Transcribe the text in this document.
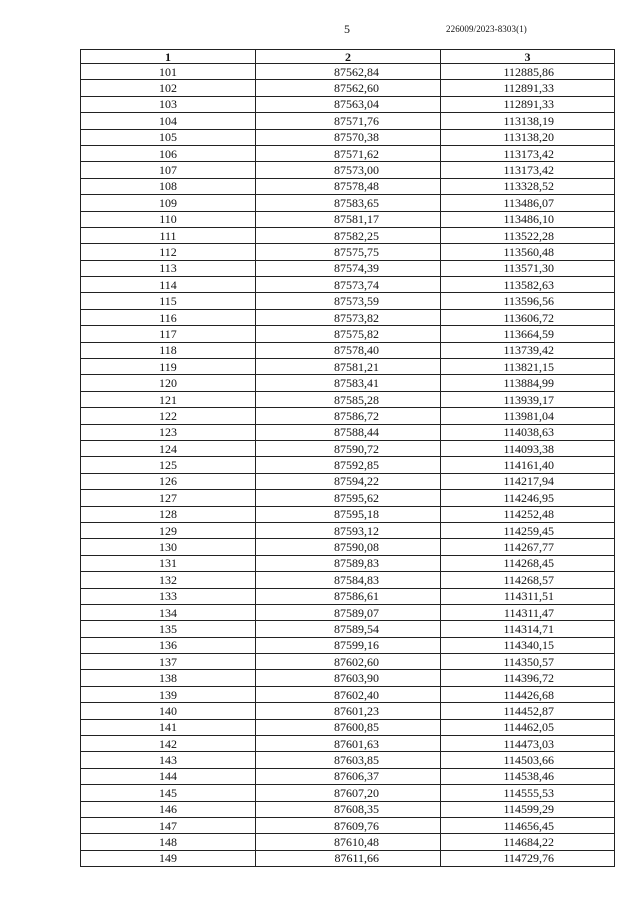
5	226009/2023-8303(1)
1	2	3
101	87562,84	112885,86
102	87562,60	112891,33
103	87563,04	112891,33
104	87571,76	113138,19
105	87570,38	113138,20
106	87571,62	113173,42
107	87573,00	113173,42
108	87578,48	113328,52
109	87583,65	113486,07
110	87581,17	113486,10
111	87582,25	113522,28
112	87575,75	113560,48
113	87574,39	113571,30
114	87573,74	113582,63
115	87573,59	113596,56
116	87573,82	113606,72
117	87575,82	113664,59
118	87578,40	113739,42
119	87581,21	113821,15
120	87583,41	113884,99
121	87585,28	113939,17
122	87586,72	113981,04
123	87588,44	114038,63
124	87590,72	114093,38
125	87592,85	114161,40
126	87594,22	114217,94
127	87595,62	114246,95
128	87595,18	114252,48
129	87593,12	114259,45
130	87590,08	114267,77
131	87589,83	114268,45
132	87584,83	114268,57
133	87586,61	114311,51
134	87589,07	114311,47
135	87589,54	114314,71
136	87599,16	114340,15
137	87602,60	114350,57
138	87603,90	114396,72
139	87602,40	114426,68
140	87601,23	114452,87
141	87600,85	114462,05
142	87601,63	114473,03
143	87603,85	114503,66
144	87606,37	114538,46
145	87607,20	114555,53
146	87608,35	114599,29
147	87609,76	114656,45
148	87610,48	114684,22
149	87611,66	114729,76
